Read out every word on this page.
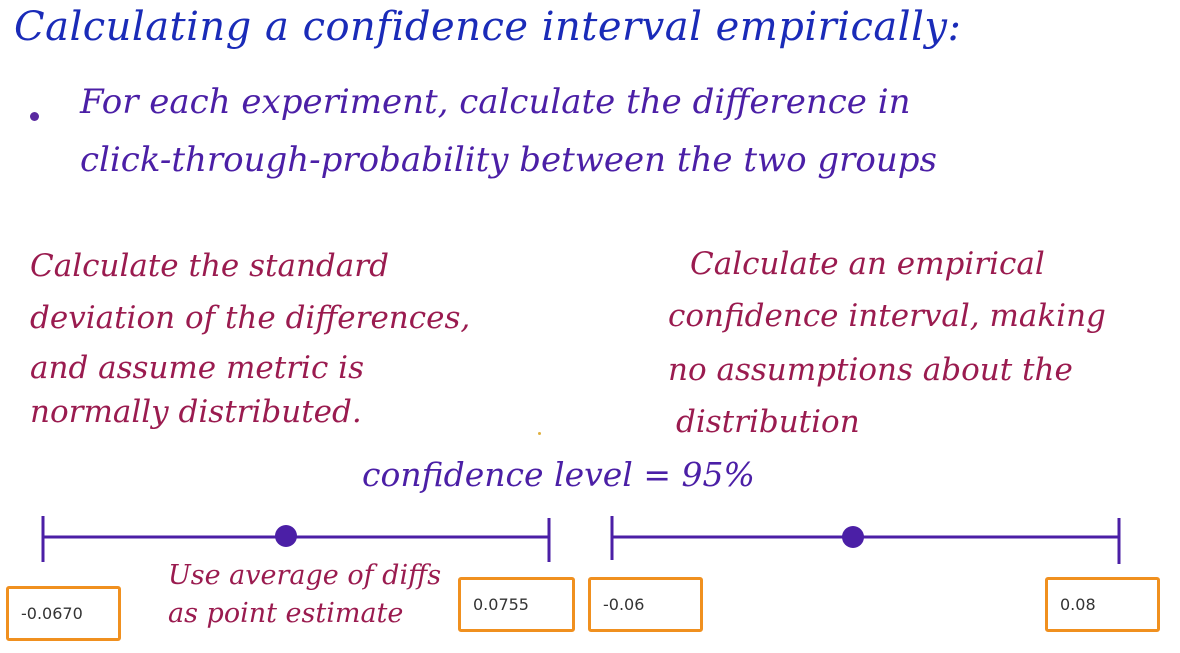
Calculating a confidence interval empirically:
For each experiment, calculate the difference in
click-through-probability between the two groups
Calculate the standard
deviation of the differences,
and assume metric is
normally distributed.
Calculate an empirical
confidence interval, making
no assumptions about the
distribution
confidence level = 95%
Use average of diffs
as point estimate
-0.0670
0.0755
-0.06
0.08
